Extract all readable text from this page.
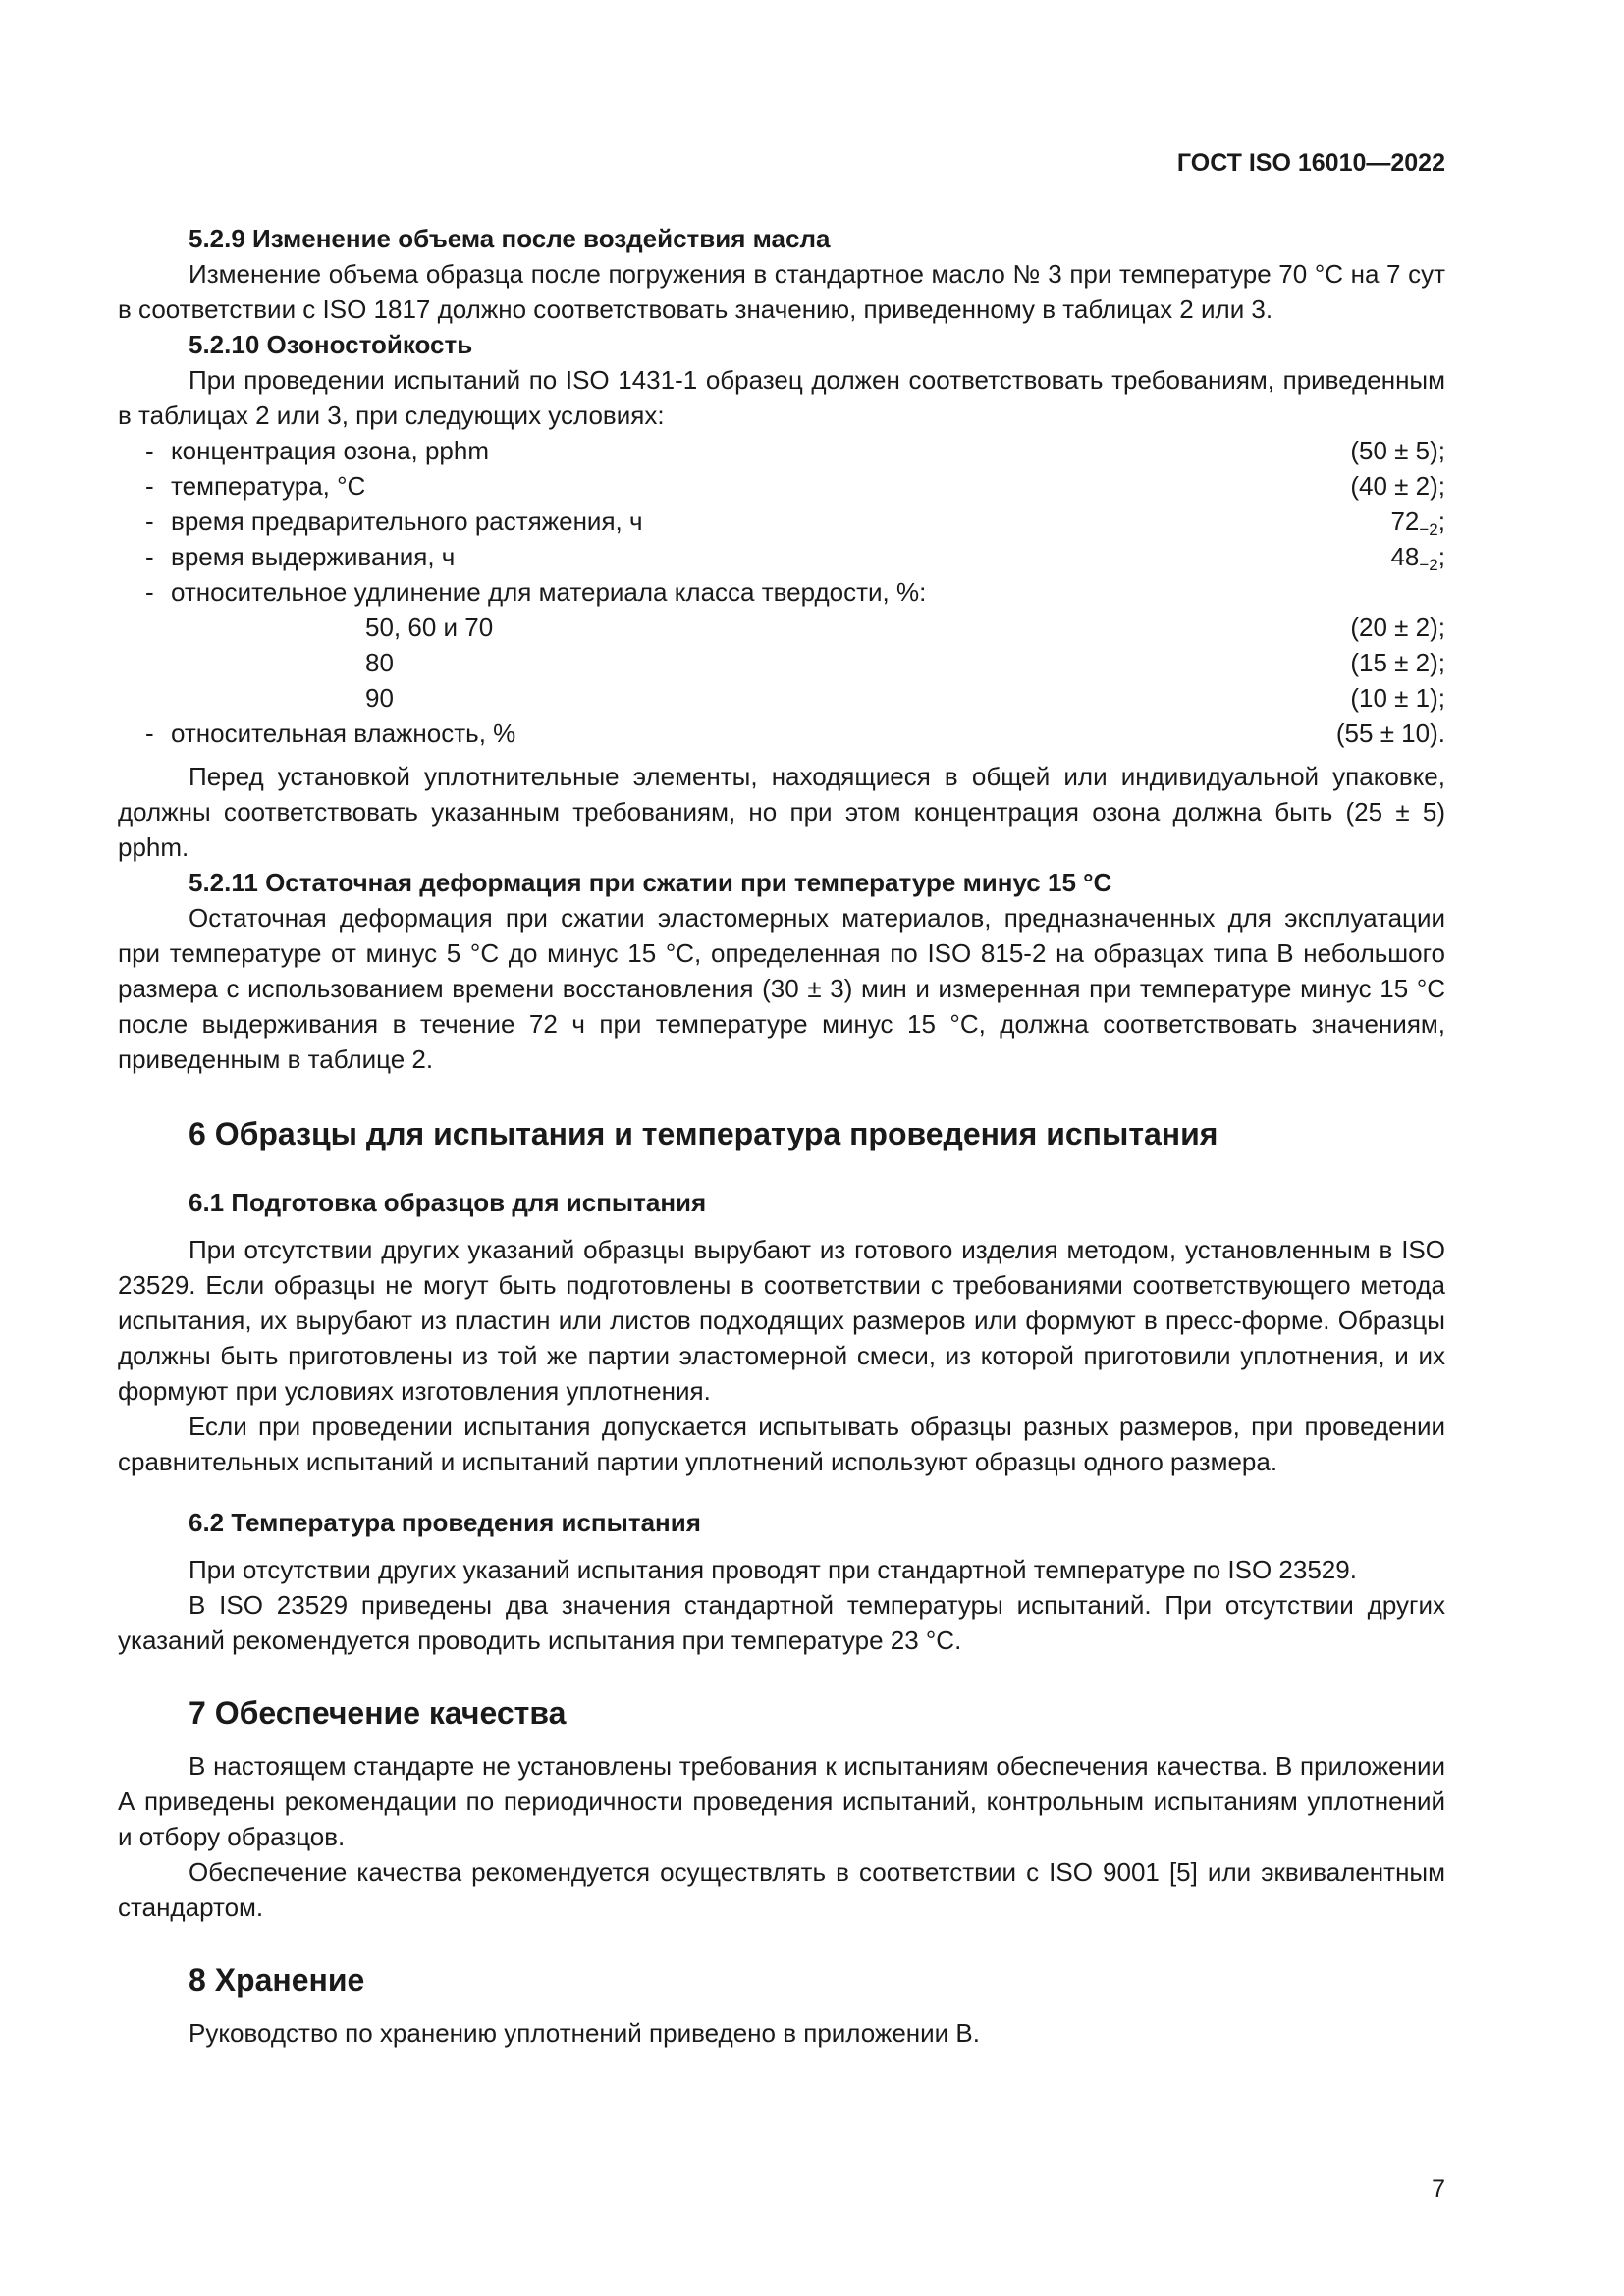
ГОСТ ISO 16010—2022
5.2.9 Изменение объема после воздействия масла

Изменение объема образца после погружения в стандартное масло № 3 при температуре 70 °С на 7 сут в соответствии с ISO 1817 должно соответствовать значению, приведенному в таблицах 2 или 3.

5.2.10 Озоностойкость

При проведении испытаний по ISO 1431-1 образец должен соответствовать требованиям, приведенным в таблицах 2 или 3, при следующих условиях:

- концентрация озона, pphm	(50 ± 5);
- температура, °С	(40 ± 2);
- время предварительного растяжения, ч	$72_{-2}$;
- время выдерживания, ч	$48_{-2}$;
- относительное удлинение для материала класса твердости, %:
50, 60 и 70	(20 ± 2);
80	(15 ± 2);
90	(10 ± 1);
- относительная влажность, %	(55 ± 10).

Перед установкой уплотнительные элементы, находящиеся в общей или индивидуальной упаковке, должны соответствовать указанным требованиям, но при этом концентрация озона должна быть (25 ± 5) pphm.

5.2.11 Остаточная деформация при сжатии при температуре минус 15 °С

Остаточная деформация при сжатии эластомерных материалов, предназначенных для эксплуатации при температуре от минус 5 °С до минус 15 °С, определенная по ISO 815-2 на образцах типа В небольшого размера с использованием времени восстановления (30 ± 3) мин и измеренная при температуре минус 15 °С после выдерживания в течение 72 ч при температуре минус 15 °С, должна соответствовать значениям, приведенным в таблице 2.

6 Образцы для испытания и температура проведения испытания
6.1 Подготовка образцов для испытания

При отсутствии других указаний образцы вырубают из готового изделия методом, установленным в ISO 23529. Если образцы не могут быть подготовлены в соответствии с требованиями соответствующего метода испытания, их вырубают из пластин или листов подходящих размеров или формуют в пресс-форме. Образцы должны быть приготовлены из той же партии эластомерной смеси, из которой приготовили уплотнения, и их формуют при условиях изготовления уплотнения.

Если при проведении испытания допускается испытывать образцы разных размеров, при проведении сравнительных испытаний и испытаний партии уплотнений используют образцы одного размера.

6.2 Температура проведения испытания

При отсутствии других указаний испытания проводят при стандартной температуре по ISO 23529.

В ISO 23529 приведены два значения стандартной температуры испытаний. При отсутствии других указаний рекомендуется проводить испытания при температуре 23 °С.

7 Обеспечение качества

В настоящем стандарте не установлены требования к испытаниям обеспечения качества. В приложении А приведены рекомендации по периодичности проведения испытаний, контрольным испытаниям уплотнений и отбору образцов.

Обеспечение качества рекомендуется осуществлять в соответствии с ISO 9001 [5] или эквивалентным стандартом.

8 Хранение

Руководство по хранению уплотнений приведено в приложении В.

7
